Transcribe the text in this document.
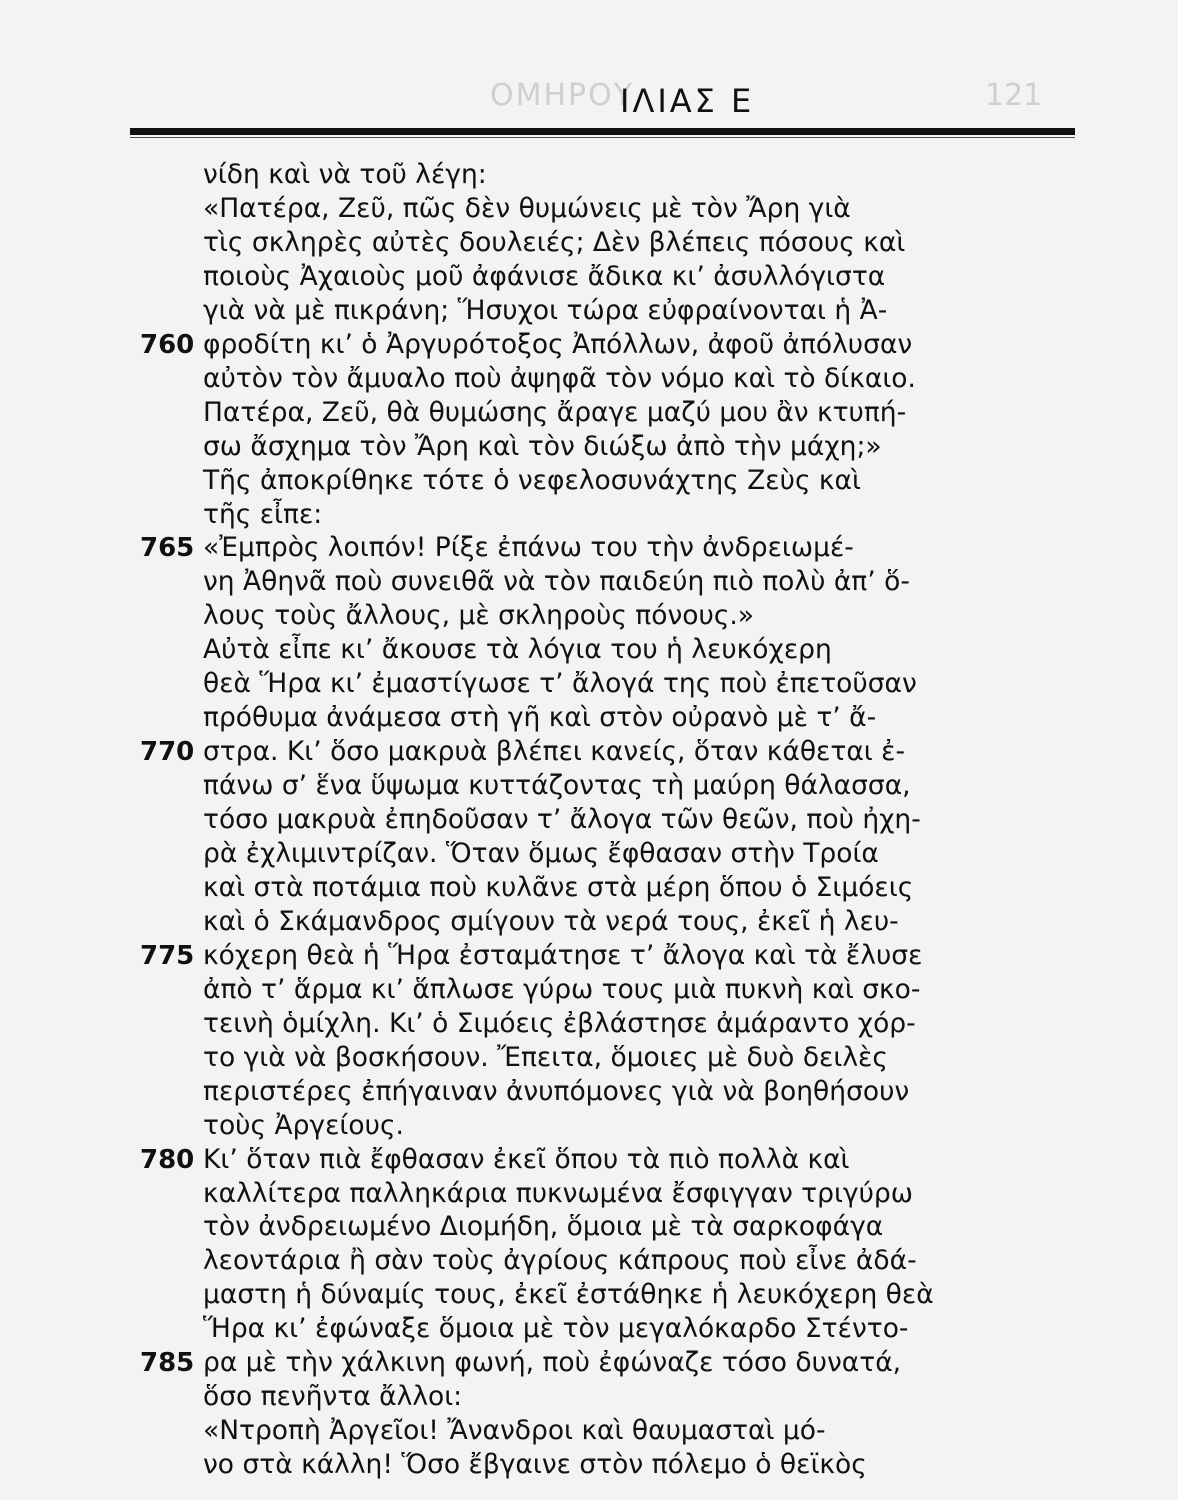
ΟΜΗΡΟΥ	121
ΙΛΙΑΣ Ε
νίδη καὶ νὰ τοῦ λέγη:
«Πατέρα, Ζεῦ, πῶς δὲν θυμώνεις μὲ τὸν Ἄρη γιὰ
τὶς σκληρὲς αὐτὲς δουλειές; Δὲν βλέπεις πόσους καὶ
ποιοὺς Ἀχαιοὺς μοῦ ἀφάνισε ἄδικα κι’ ἀσυλλόγιστα
γιὰ νὰ μὲ πικράνη; Ἥσυχοι τώρα εὐφραίνονται ἡ Ἀ-
φροδίτη κι’ ὁ Ἀργυρότοξος Ἀπόλλων, ἀφοῦ ἀπόλυσαν
αὐτὸν τὸν ἄμυαλο ποὺ ἀψηφᾶ τὸν νόμο καὶ τὸ δίκαιο.
Πατέρα, Ζεῦ, θὰ θυμώσης ἄραγε μαζύ μου ἂν κτυπή-
σω ἄσχημα τὸν Ἄρη καὶ τὸν διώξω ἀπὸ τὴν μάχη;»
Τῆς ἀποκρίθηκε τότε ὁ νεφελοσυνάχτης Ζεὺς καὶ
τῆς εἶπε:
«Ἐμπρὸς λοιπόν! Ρίξε ἐπάνω του τὴν ἀνδρειωμέ-
νη Ἀθηνᾶ ποὺ συνειθᾶ νὰ τὸν παιδεύη πιὸ πολὺ ἀπ’ ὅ-
λους τοὺς ἄλλους, μὲ σκληροὺς πόνους.»
Αὐτὰ εἶπε κι’ ἄκουσε τὰ λόγια του ἡ λευκόχερη
θεὰ Ἥρα κι’ ἐμαστίγωσε τ’ ἄλογά της ποὺ ἐπετοῦσαν
πρόθυμα ἀνάμεσα στὴ γῆ καὶ στὸν οὐρανὸ μὲ τ’ ἄ-
στρα. Κι’ ὅσο μακρυὰ βλέπει κανείς, ὅταν κάθεται ἐ-
πάνω σ’ ἕνα ὕψωμα κυττάζοντας τὴ μαύρη θάλασσα,
τόσο μακρυὰ ἐπηδοῦσαν τ’ ἄλογα τῶν θεῶν, ποὺ ἠχη-
ρὰ ἐχλιμιντρίζαν. Ὅταν ὅμως ἔφθασαν στὴν Τροία
καὶ στὰ ποτάμια ποὺ κυλᾶνε στὰ μέρη ὅπου ὁ Σιμόεις
καὶ ὁ Σκάμανδρος σμίγουν τὰ νερά τους, ἐκεῖ ἡ λευ-
κόχερη θεὰ ἡ Ἥρα ἐσταμάτησε τ’ ἄλογα καὶ τὰ ἔλυσε
ἀπὸ τ’ ἅρμα κι’ ἅπλωσε γύρω τους μιὰ πυκνὴ καὶ σκο-
τεινὴ ὁμίχλη. Κι’ ὁ Σιμόεις ἐβλάστησε ἀμάραντο χόρ-
το γιὰ νὰ βοσκήσουν. Ἔπειτα, ὅμοιες μὲ δυὸ δειλὲς
περιστέρες ἐπήγαιναν ἀνυπόμονες γιὰ νὰ βοηθήσουν
τοὺς Ἀργείους.
Κι’ ὅταν πιὰ ἔφθασαν ἐκεῖ ὅπου τὰ πιὸ πολλὰ καὶ
καλλίτερα παλληκάρια πυκνωμένα ἔσφιγγαν τριγύρω
τὸν ἀνδρειωμένο Διομήδη, ὅμοια μὲ τὰ σαρκοφάγα
λεοντάρια ἢ σὰν τοὺς ἀγρίους κάπρους ποὺ εἶνε ἀδά-
μαστη ἡ δύναμίς τους, ἐκεῖ ἐστάθηκε ἡ λευκόχερη θεὰ
Ἥρα κι’ ἐφώναξε ὅμοια μὲ τὸν μεγαλόκαρδο Στέντο-
ρα μὲ τὴν χάλκινη φωνή, ποὺ ἐφώναζε τόσο δυνατά,
ὅσο πενῆντα ἄλλοι:
«Ντροπὴ Ἀργεῖοι! Ἄνανδροι καὶ θαυμασταὶ μό-
νο στὰ κάλλη! Ὅσο ἔβγαινε στὸν πόλεμο ὁ θεϊκὸς
760
765
770
775
780
785
